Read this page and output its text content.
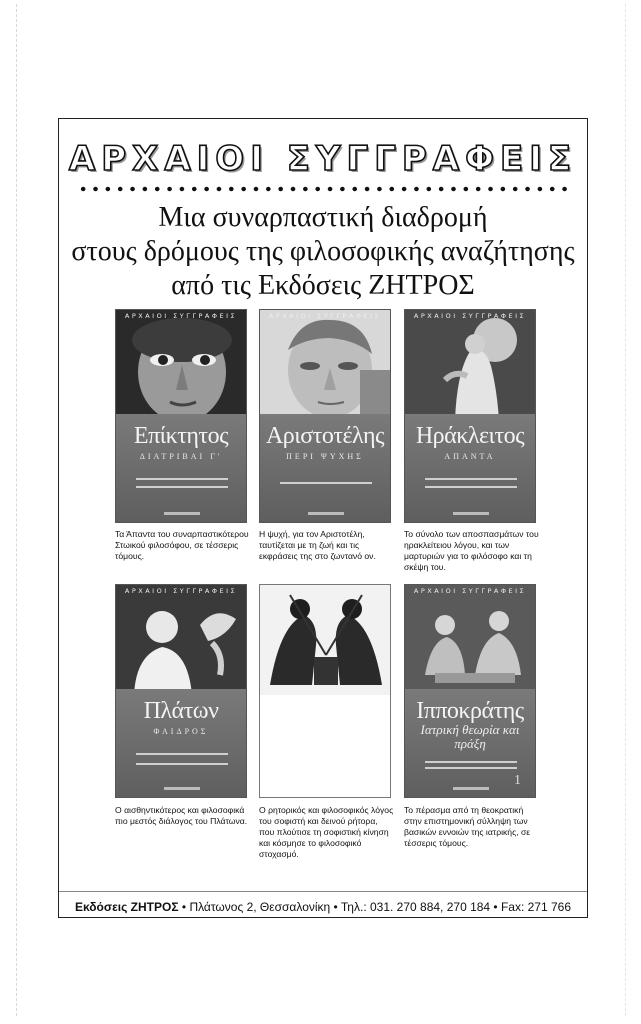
ΑΡΧΑΙΟΙ ΣΥΓΓΡΑΦΕΙΣ
Μια συναρπαστική διαδρομή
στους δρόμους της φιλοσοφικής αναζήτησης
από τις Εκδόσεις ΖΗΤΡΟΣ
ΑΡΧΑΙΟΙ ΣΥΓΓΡΑΦΕΙΣ
Επίκτητος
ΔΙΑΤΡΙΒΑΙ Γ'
Τα Άπαντα του συναρπαστικότερου Στωικού φιλοσόφου, σε τέσσερις τόμους.
ΑΡΧΑΙΟΙ ΣΥΓΓΡΑΦΕΙΣ
Αριστοτέλης
ΠΕΡΙ ΨΥΧΗΣ
Η ψυχή, για τον Αριστοτέλη, ταυτίζεται με τη ζωή και τις εκφράσεις της στο ζωντανό ον.
ΑΡΧΑΙΟΙ ΣΥΓΓΡΑΦΕΙΣ
Ηράκλειτος
ΑΠΑΝΤΑ
Το σύνολο των αποσπασμάτων του ηρακλείτειου λόγου, και των μαρτυριών για το φιλόσοφο και τη σκέψη του.
ΑΡΧΑΙΟΙ ΣΥΓΓΡΑΦΕΙΣ
Πλάτων
ΦΑΙΔΡΟΣ
Ο αισθηντικότερος και φιλοσοφικά πιο μεστός διάλογος του Πλάτωνα.
Ο ρητορικός και φιλοσοφικός λόγος του σοφιστή και δεινού ρήτορα, που πλούτισε τη σοφιστική κίνηση και κόσμησε το φιλοσοφικό στοχασμό.
ΑΡΧΑΙΟΙ ΣΥΓΓΡΑΦΕΙΣ
Ιπποκράτης
Ιατρική θεωρία και πράξη
1
Το πέρασμα από τη θεοκρατική στην επιστημονική σύλληψη των βασικών εννοιών της ιατρικής, σε τέσσερις τόμους.
Εκδόσεις ΖΗΤΡΟΣ • Πλάτωνος 2, Θεσσαλονίκη • Τηλ.: 031. 270 884, 270 184 • Fax: 271 766
